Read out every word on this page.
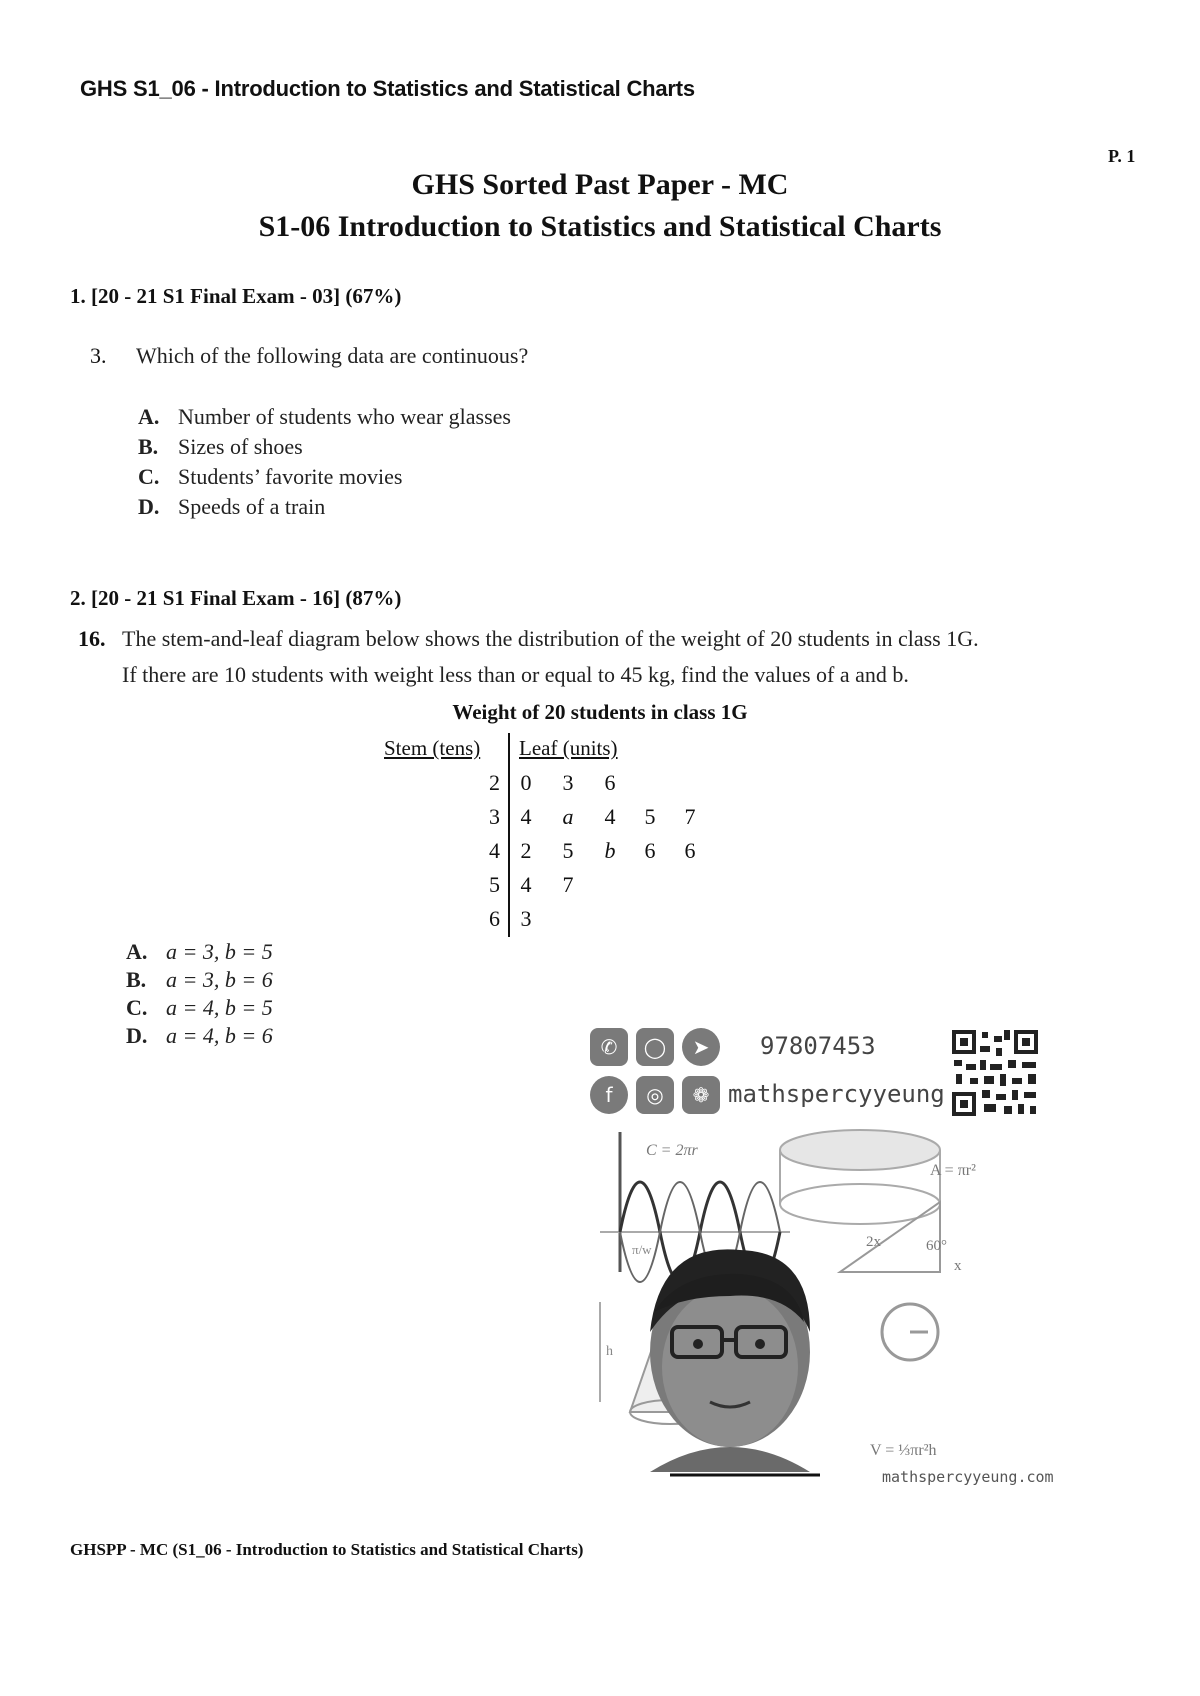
GHS S1_06 - Introduction to Statistics and Statistical Charts
P. 1
GHS Sorted Past Paper - MC
S1-06 Introduction to Statistics and Statistical Charts
1. [20 - 21 S1 Final Exam - 03] (67%)
3. Which of the following data are continuous?
A. Number of students who wear glasses
B. Sizes of shoes
C. Students’ favorite movies
D. Speeds of a train
2. [20 - 21 S1 Final Exam - 16] (87%)
16. The stem-and-leaf diagram below shows the distribution of the weight of 20 students in class 1G.
If there are 10 students with weight less than or equal to 45 kg, find the values of a and b.
Weight of 20 students in class 1G
Stem (tens) Leaf (units)
2 0 3 6
3 4 a 4 5 7
4 2 5 b 6 6
5 4 7
6 3
A. a = 3, b = 5
B. a = 3, b = 6
C. a = 4, b = 5
D. a = 4, b = 6	✆	◯	➤	97807453
f	◎	❁ mathspercyyeung
C = 2πr
A = πr²
2x	60°
x
V = ⅓πr²h
h
π/w
mathspercyyeung.com
GHSPP - MC (S1_06 - Introduction to Statistics and Statistical Charts)
